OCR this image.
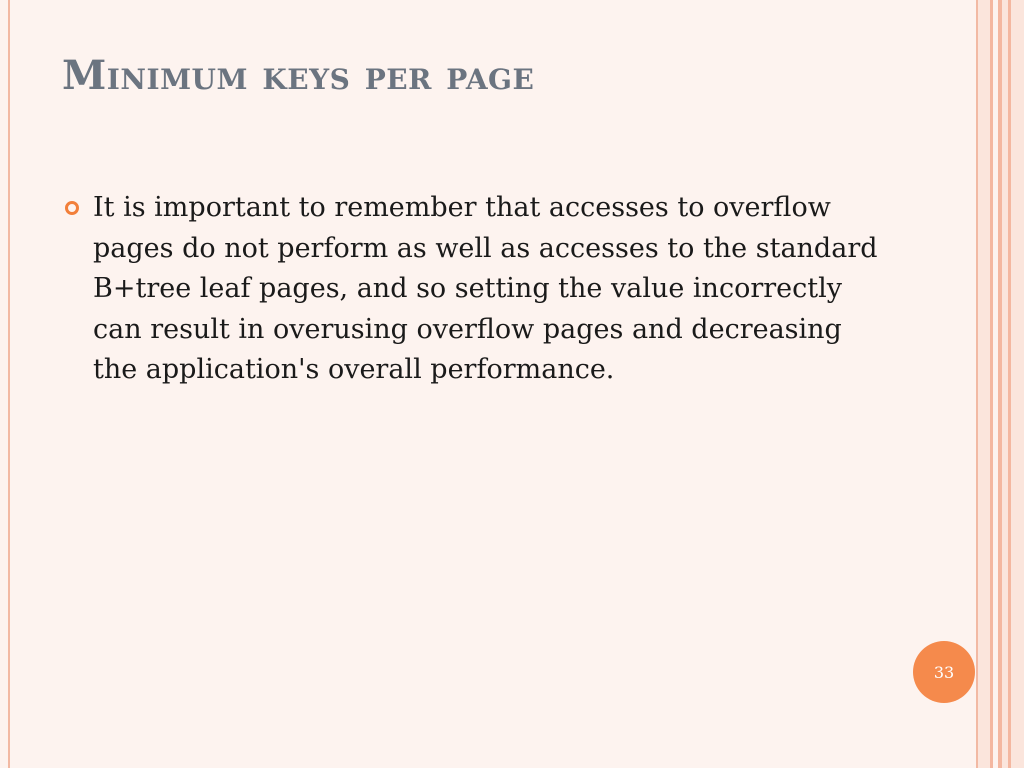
Minimum keys per page
It is important to remember that accesses to overflow pages do not perform as well as accesses to the standard B+tree leaf pages, and so setting the value incorrectly can result in overusing overflow pages and decreasing the application's overall performance.
33
